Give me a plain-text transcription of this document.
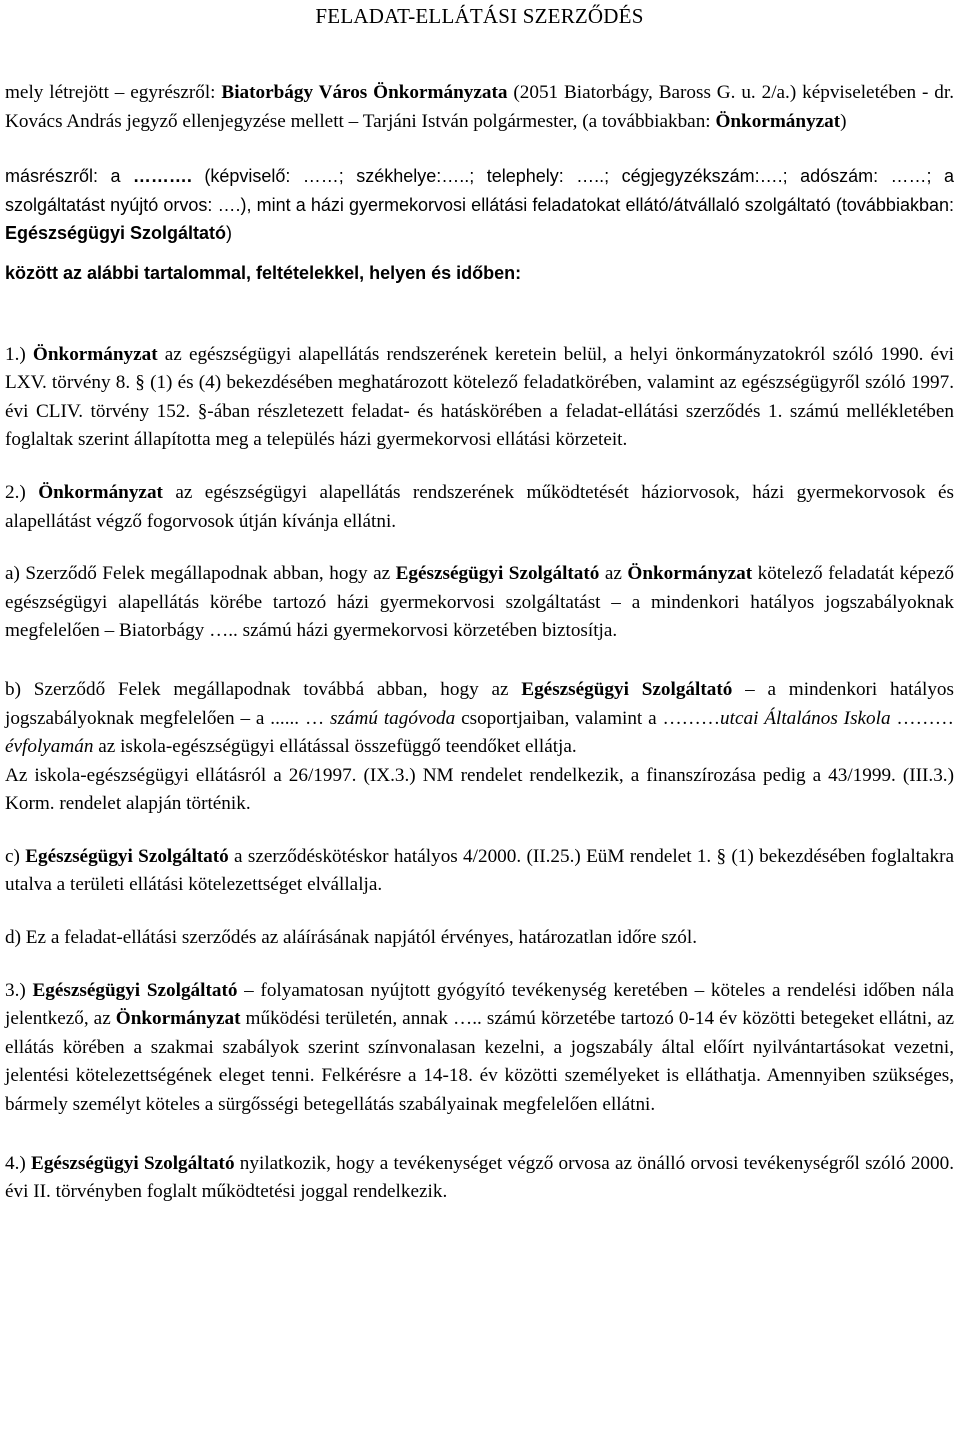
FELADAT-ELLÁTÁSI SZERZŐDÉS

mely létrejött – egyrészről: Biatorbágy Város Önkormányzata (2051 Biatorbágy, Baross G. u. 2/a.) képviseletében - dr. Kovács András jegyző ellenjegyzése mellett – Tarjáni István polgármester, (a továbbiakban: Önkormányzat)

másrészről: a ………. (képviselő: ……; székhelye:…..; telephely: …..; cégjegyzékszám:….; adószám: ……; a szolgáltatást nyújtó orvos: ….), mint a házi gyermekorvosi ellátási feladatokat ellátó/átvállaló szolgáltató (továbbiakban: Egészségügyi Szolgáltató)

között az alábbi tartalommal, feltételekkel, helyen és időben:

1.) Önkormányzat az egészségügyi alapellátás rendszerének keretein belül, a helyi önkormányzatokról szóló 1990. évi LXV. törvény 8. § (1) és (4) bekezdésében meghatározott kötelező feladatkörében, valamint az egészségügyről szóló 1997. évi CLIV. törvény 152. §-ában részletezett feladat- és hatáskörében a feladat-ellátási szerződés 1. számú mellékletében foglaltak szerint állapította meg a település házi gyermekorvosi ellátási körzeteit.

2.) Önkormányzat az egészségügyi alapellátás rendszerének működtetését háziorvosok, házi gyermekorvosok és alapellátást végző fogorvosok útján kívánja ellátni.

a) Szerződő Felek megállapodnak abban, hogy az Egészségügyi Szolgáltató az Önkormányzat kötelező feladatát képező egészségügyi alapellátás körébe tartozó házi gyermekorvosi szolgáltatást – a mindenkori hatályos jogszabályoknak megfelelően – Biatorbágy ….. számú házi gyermekorvosi körzetében biztosítja.

b) Szerződő Felek megállapodnak továbbá abban, hogy az Egészségügyi Szolgáltató – a mindenkori hatályos jogszabályoknak megfelelően – a ...... … számú tagóvoda csoportjaiban, valamint a ………utcai Általános Iskola ……… évfolyamán az iskola-egészségügyi ellátással összefüggő teendőket ellátja.

Az iskola-egészségügyi ellátásról a 26/1997. (IX.3.) NM rendelet rendelkezik, a finanszírozása pedig a 43/1999. (III.3.) Korm. rendelet alapján történik.

c) Egészségügyi Szolgáltató a szerződéskötéskor hatályos 4/2000. (II.25.) EüM rendelet 1. § (1) bekezdésében foglaltakra utalva a területi ellátási kötelezettséget elvállalja.

d) Ez a feladat-ellátási szerződés az aláírásának napjától érvényes, határozatlan időre szól.

3.) Egészségügyi Szolgáltató – folyamatosan nyújtott gyógyító tevékenység keretében – köteles a rendelési időben nála jelentkező, az Önkormányzat működési területén, annak ….. számú körzetébe tartozó 0-14 év közötti betegeket ellátni, az ellátás körében a szakmai szabályok szerint színvonalasan kezelni, a jogszabály által előírt nyilvántartásokat vezetni, jelentési kötelezettségének eleget tenni. Felkérésre a 14-18. év közötti személyeket is elláthatja. Amennyiben szükséges, bármely személyt köteles a sürgősségi betegellátás szabályainak megfelelően ellátni.

4.) Egészségügyi Szolgáltató nyilatkozik, hogy a tevékenységet végző orvosa az önálló orvosi tevékenységről szóló 2000. évi II. törvényben foglalt működtetési joggal rendelkezik.
